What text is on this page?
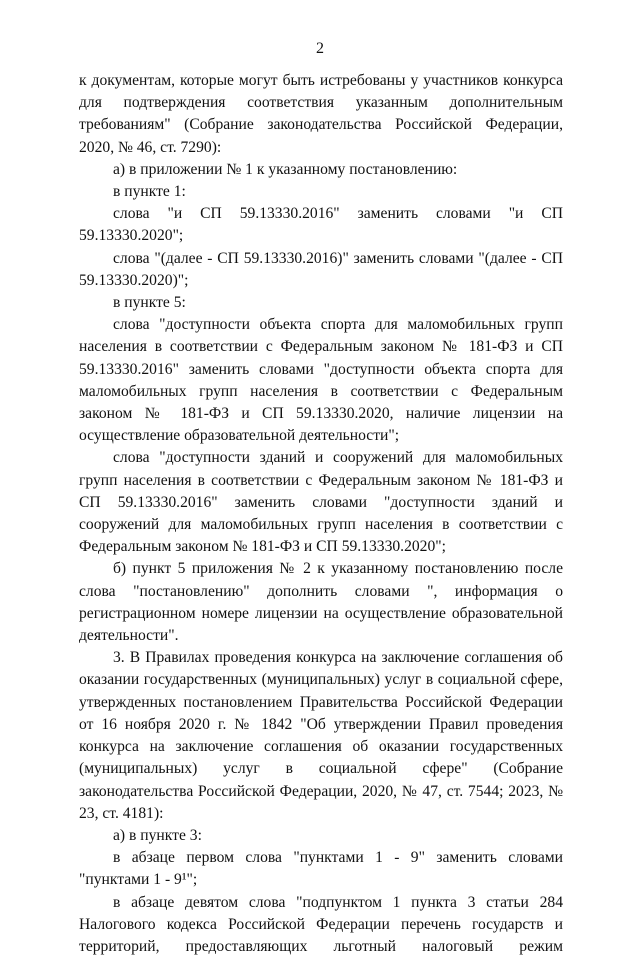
2

к документам, которые могут быть истребованы у участников конкурса для подтверждения соответствия указанным дополнительным требованиям" (Собрание законодательства Российской Федерации, 2020, № 46, ст. 7290):

а) в приложении № 1 к указанному постановлению:

в пункте 1:

слова "и СП 59.13330.2016" заменить словами "и СП 59.13330.2020";

слова "(далее - СП 59.13330.2016)" заменить словами "(далее - СП 59.13330.2020)";

в пункте 5:

слова "доступности объекта спорта для маломобильных групп населения в соответствии с Федеральным законом № 181-ФЗ и СП 59.13330.2016" заменить словами "доступности объекта спорта для маломобильных групп населения в соответствии с Федеральным законом № 181-ФЗ и СП 59.13330.2020, наличие лицензии на осуществление образовательной деятельности";

слова "доступности зданий и сооружений для маломобильных групп населения в соответствии с Федеральным законом № 181-ФЗ и СП 59.13330.2016" заменить словами "доступности зданий и сооружений для маломобильных групп населения в соответствии с Федеральным законом № 181-ФЗ и СП 59.13330.2020";

б) пункт 5 приложения № 2 к указанному постановлению после слова "постановлению" дополнить словами ", информация о регистрационном номере лицензии на осуществление образовательной деятельности".

3. В Правилах проведения конкурса на заключение соглашения об оказании государственных (муниципальных) услуг в социальной сфере, утвержденных постановлением Правительства Российской Федерации от 16 ноября 2020 г. № 1842 "Об утверждении Правил проведения конкурса на заключение соглашения об оказании государственных (муниципальных) услуг в социальной сфере" (Собрание законодательства Российской Федерации, 2020, № 47, ст. 7544; 2023, № 23, ст. 4181):

а) в пункте 3:

в абзаце первом слова "пунктами 1 - 9" заменить словами "пунктами 1 - 9¹";

в абзаце девятом слова "подпунктом 1 пункта 3 статьи 284 Налогового кодекса Российской Федерации перечень государств и территорий, предоставляющих льготный налоговый режим
